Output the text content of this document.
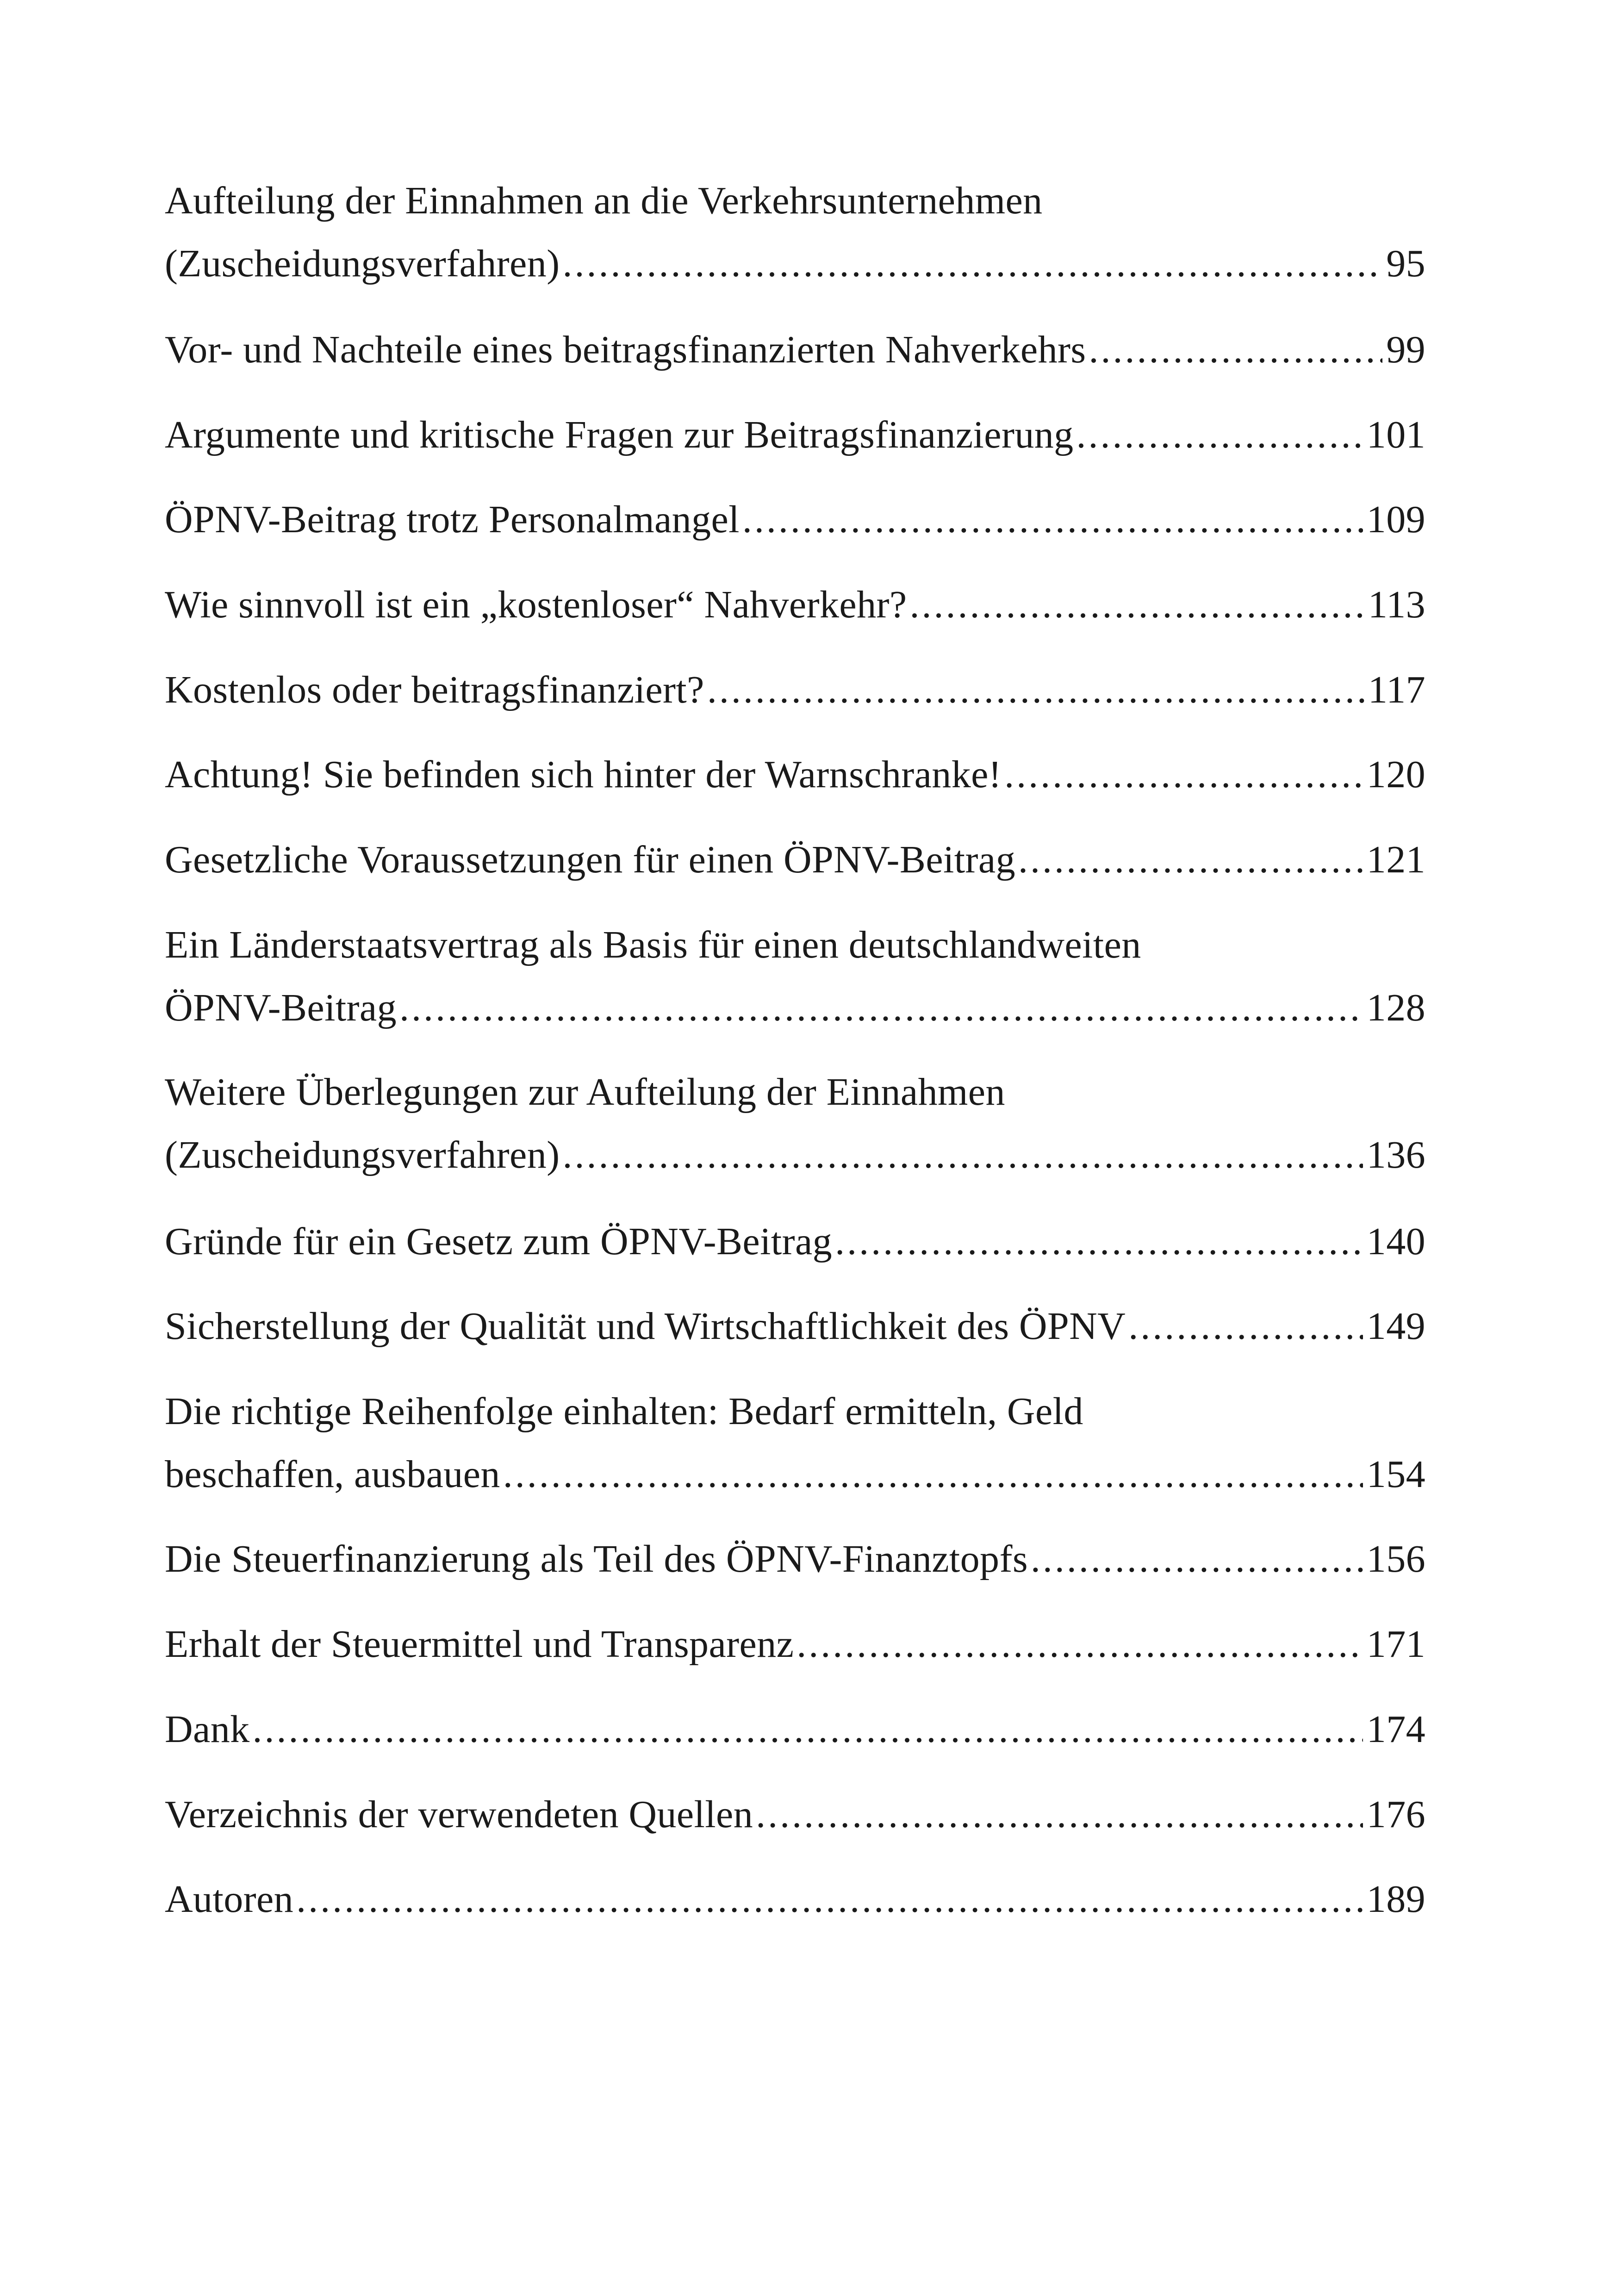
Aufteilung der Einnahmen an die Verkehrsunternehmen
(Zuscheidungsverfahren) .....	95
Vor- und Nachteile eines beitragsfinanzierten Nahverkehrs .....	99
Argumente und kritische Fragen zur Beitragsfinanzierung .....	101
ÖPNV-Beitrag trotz Personalmangel .....	109
Wie sinnvoll ist ein „kostenloser“ Nahverkehr? .....	113
Kostenlos oder beitragsfinanziert? .....	117
Achtung! Sie befinden sich hinter der Warnschranke! .....	120
Gesetzliche Voraussetzungen für einen ÖPNV-Beitrag .....	121
Ein Länderstaatsvertrag als Basis für einen deutschlandweiten
ÖPNV-Beitrag .....	128
Weitere Überlegungen zur Aufteilung der Einnahmen
(Zuscheidungsverfahren) .....	136
Gründe für ein Gesetz zum ÖPNV-Beitrag .....	140
Sicherstellung der Qualität und Wirtschaftlichkeit des ÖPNV .....	149
Die richtige Reihenfolge einhalten: Bedarf ermitteln, Geld
beschaffen, ausbauen .....	154
Die Steuerfinanzierung als Teil des ÖPNV-Finanztopfs .....	156
Erhalt der Steuermittel und Transparenz .....	171
Dank .....	174
Verzeichnis der verwendeten Quellen .....	176
Autoren .....	189
